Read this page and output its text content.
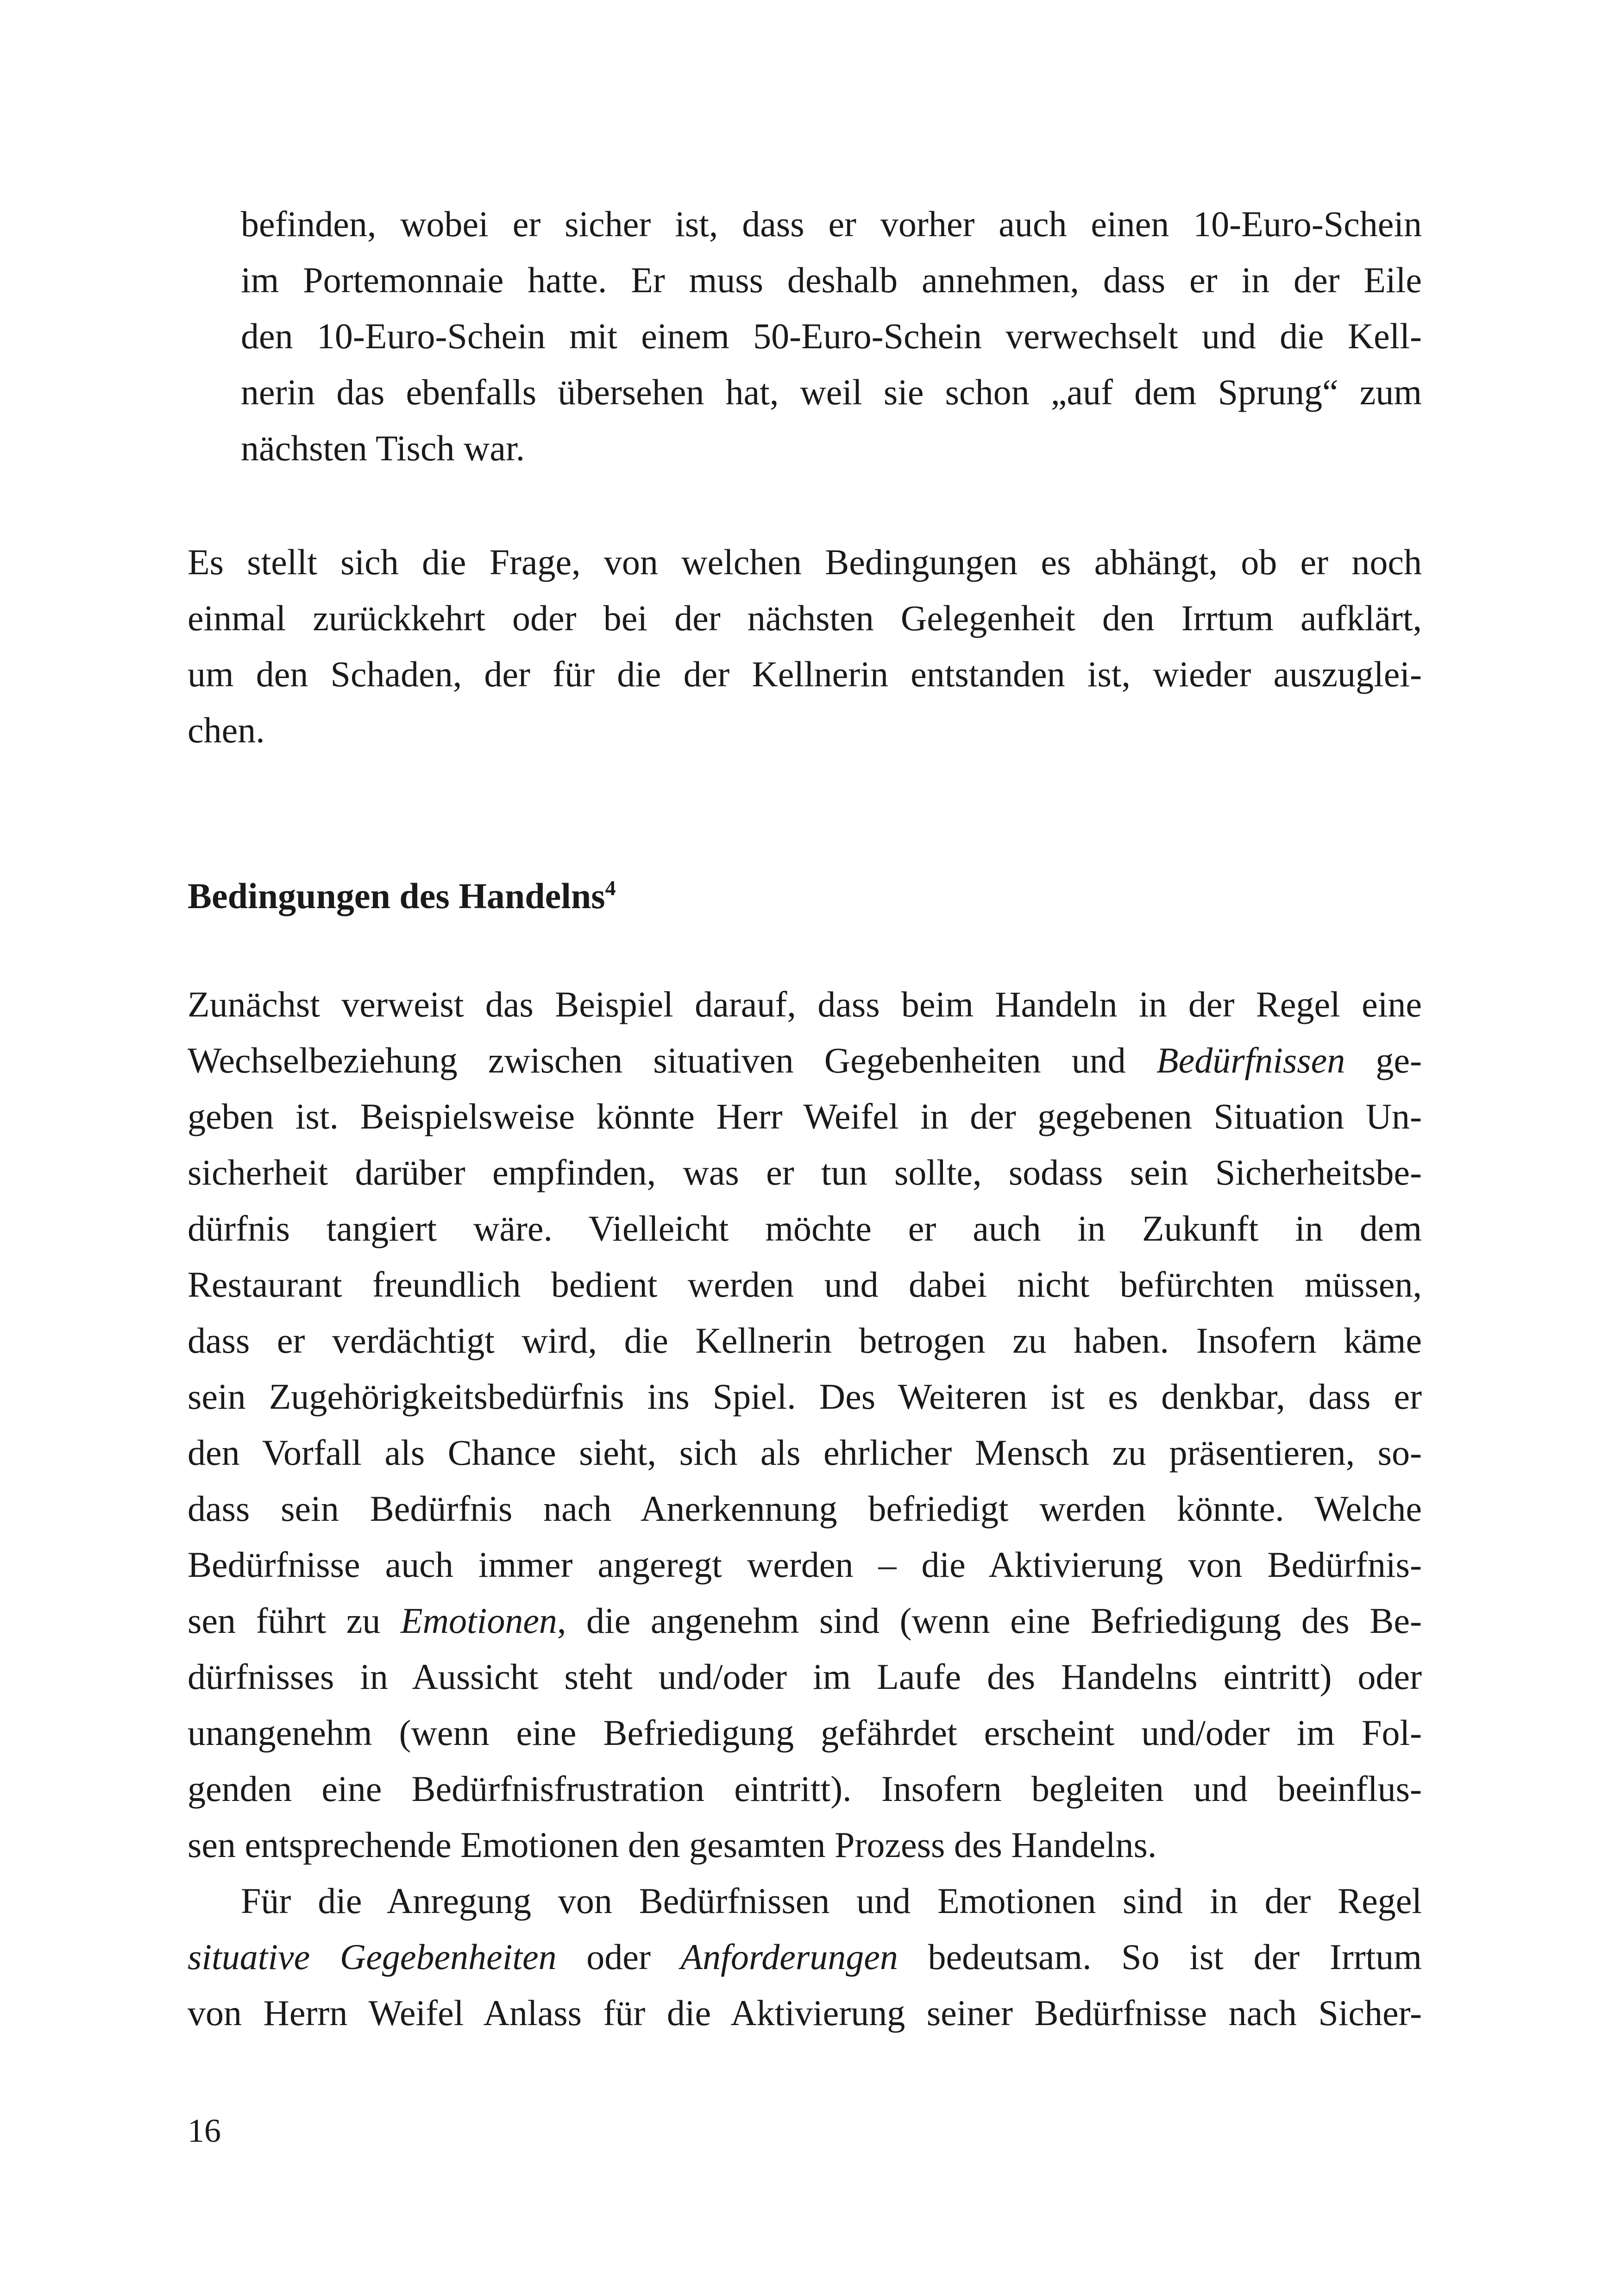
befinden, wobei er sicher ist, dass er vorher auch einen 10-Euro-Schein

im Portemonnaie hatte. Er muss deshalb annehmen, dass er in der Eile

den 10-Euro-Schein mit einem 50-Euro-Schein verwechselt und die Kell-

nerin das ebenfalls übersehen hat, weil sie schon „auf dem Sprung“ zum

nächsten Tisch war.

Es stellt sich die Frage, von welchen Bedingungen es abhängt, ob er noch

einmal zurückkehrt oder bei der nächsten Gelegenheit den Irrtum aufklärt,

um den Schaden, der für die der Kellnerin entstanden ist, wieder auszuglei-

chen.

Bedingungen des Handelns$^4$

Zunächst verweist das Beispiel darauf, dass beim Handeln in der Regel eine

Wechselbeziehung zwischen situativen Gegebenheiten und Bedürfnissen ge-

geben ist. Beispielsweise könnte Herr Weifel in der gegebenen Situation Un-

sicherheit darüber empfinden, was er tun sollte, sodass sein Sicherheitsbe-

dürfnis tangiert wäre. Vielleicht möchte er auch in Zukunft in dem

Restaurant freundlich bedient werden und dabei nicht befürchten müssen,

dass er verdächtigt wird, die Kellnerin betrogen zu haben. Insofern käme

sein Zugehörigkeitsbedürfnis ins Spiel. Des Weiteren ist es denkbar, dass er

den Vorfall als Chance sieht, sich als ehrlicher Mensch zu präsentieren, so-

dass sein Bedürfnis nach Anerkennung befriedigt werden könnte. Welche

Bedürfnisse auch immer angeregt werden – die Aktivierung von Bedürfnis-

sen führt zu Emotionen, die angenehm sind (wenn eine Befriedigung des Be-

dürfnisses in Aussicht steht und/oder im Laufe des Handelns eintritt) oder

unangenehm (wenn eine Befriedigung gefährdet erscheint und/oder im Fol-

genden eine Bedürfnisfrustration eintritt). Insofern begleiten und beeinflus-

sen entsprechende Emotionen den gesamten Prozess des Handelns.

Für die Anregung von Bedürfnissen und Emotionen sind in der Regel

situative Gegebenheiten oder Anforderungen bedeutsam. So ist der Irrtum

von Herrn Weifel Anlass für die Aktivierung seiner Bedürfnisse nach Sicher-

16
